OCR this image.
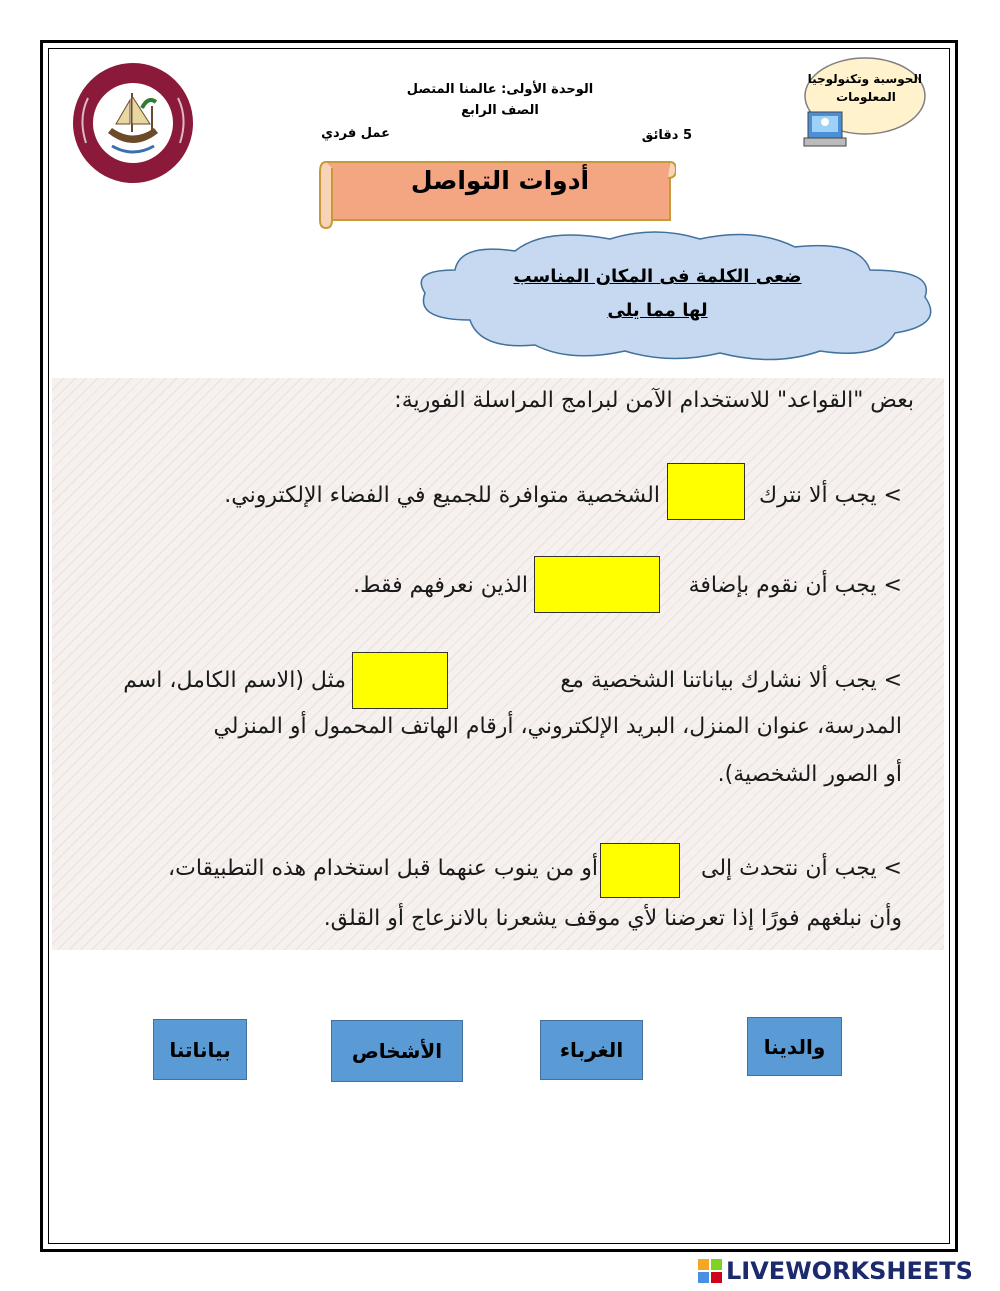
الحوسبة وتكنولوجيا
المعلومات
الوحدة الأولى: عالمنا المتصل
الصف الرابع
5 دقائق
عمل فردي
أدوات التواصل
ضعى الكلمة فى المكان المناسب
لها مما يلى
بعض "القواعد" للاستخدام الآمن لبرامج المراسلة الفورية:
> يجب ألا نترك
الشخصية متوافرة للجميع في الفضاء الإلكتروني.
> يجب أن نقوم بإضافة
الذين نعرفهم فقط.
> يجب ألا نشارك بياناتنا الشخصية مع
مثل (الاسم الكامل، اسم
المدرسة، عنوان المنزل، البريد الإلكتروني، أرقام الهاتف المحمول أو المنزلي
أو الصور الشخصية).
> يجب أن نتحدث إلى
أو من ينوب عنهما قبل استخدام هذه التطبيقات،
وأن نبلغهم فورًا إذا تعرضنا لأي موقف يشعرنا بالانزعاج أو القلق.
والدينا
الغرباء
الأشخاص
بياناتنا
LIVEWORKSHEETS
